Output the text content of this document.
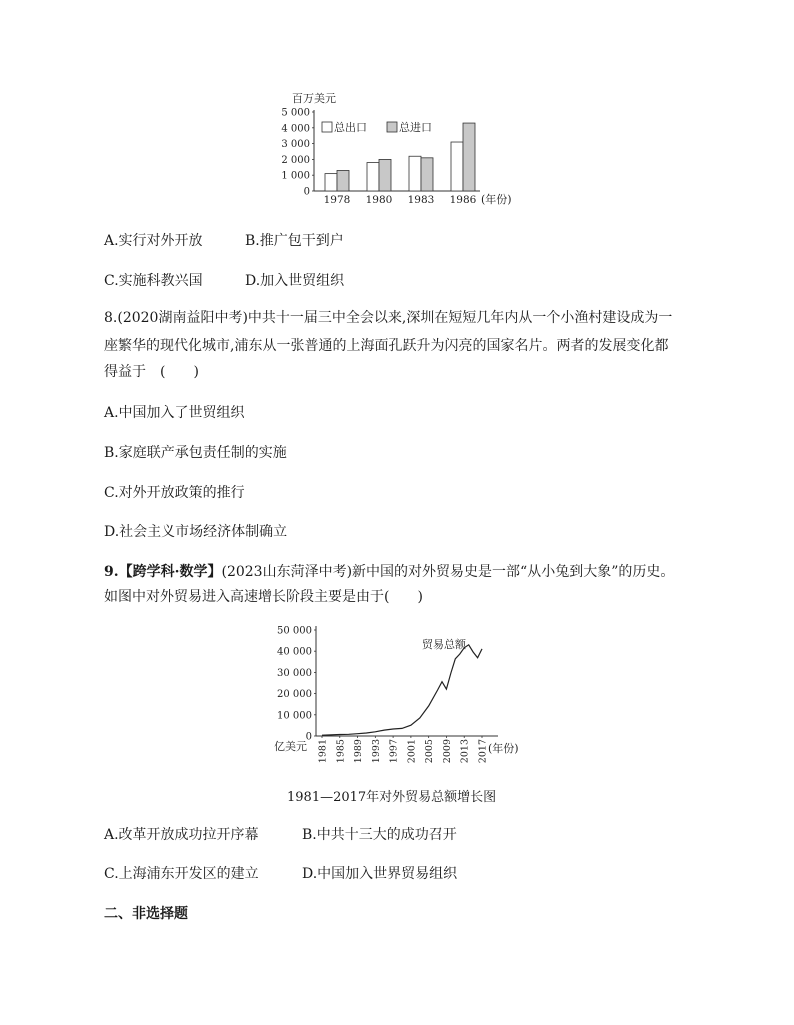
百万美元
5 000
4 000
3 000
2 000
1 000
0
1978 1980 1983 1986 (年份)
总出口	总进口
A.实行对外开放	B.推广包干到户
C.实施科教兴国	D.加入世贸组织
8.(2020湖南益阳中考)中共十一届三中全会以来,深圳在短短几年内从一个小渔村建设成为一
座繁华的现代化城市,浦东从一张普通的上海面孔跃升为闪亮的国家名片。两者的发展变化都
得益于　(　　)
A.中国加入了世贸组织
B.家庭联产承包责任制的实施
C.对外开放政策的推行
D.社会主义市场经济体制确立
9.【跨学科·数学】(2023山东菏泽中考)新中国的对外贸易史是一部“从小兔到大象”的历史。
如图中对外贸易进入高速增长阶段主要是由于(　　)
50 000
40 000
30 000
20 000
10 000
0
1981 1985 1989 1993 1997 2001 2005 2009 2013 2017
贸易总额
亿美元	(年份)
1981—2017年对外贸易总额增长图
A.改革开放成功拉开序幕	B.中共十三大的成功召开
C.上海浦东开发区的建立	D.中国加入世界贸易组织
二、非选择题
